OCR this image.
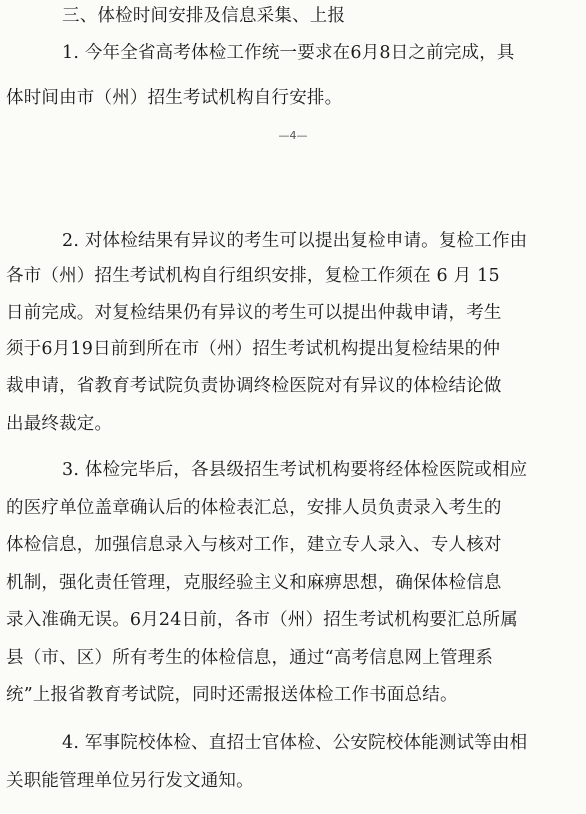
三、体检时间安排及信息采集、上报
1. 今年全省高考体检工作统一要求在6月8日之前完成，具
体时间由市（州）招生考试机构自行安排。
—4—
2. 对体检结果有异议的考生可以提出复检申请。复检工作由
各市（州）招生考试机构自行组织安排，复检工作须在 6 月 15
日前完成。对复检结果仍有异议的考生可以提出仲裁申请，考生
须于6月19日前到所在市（州）招生考试机构提出复检结果的仲
裁申请，省教育考试院负责协调终检医院对有异议的体检结论做
出最终裁定。
3. 体检完毕后，各县级招生考试机构要将经体检医院或相应
的医疗单位盖章确认后的体检表汇总，安排人员负责录入考生的
体检信息，加强信息录入与核对工作，建立专人录入、专人核对
机制，强化责任管理，克服经验主义和麻痹思想，确保体检信息
录入准确无误。6月24日前，各市（州）招生考试机构要汇总所属
县（市、区）所有考生的体检信息，通过“高考信息网上管理系
统”上报省教育考试院，同时还需报送体检工作书面总结。
4. 军事院校体检、直招士官体检、公安院校体能测试等由相
关职能管理单位另行发文通知。
